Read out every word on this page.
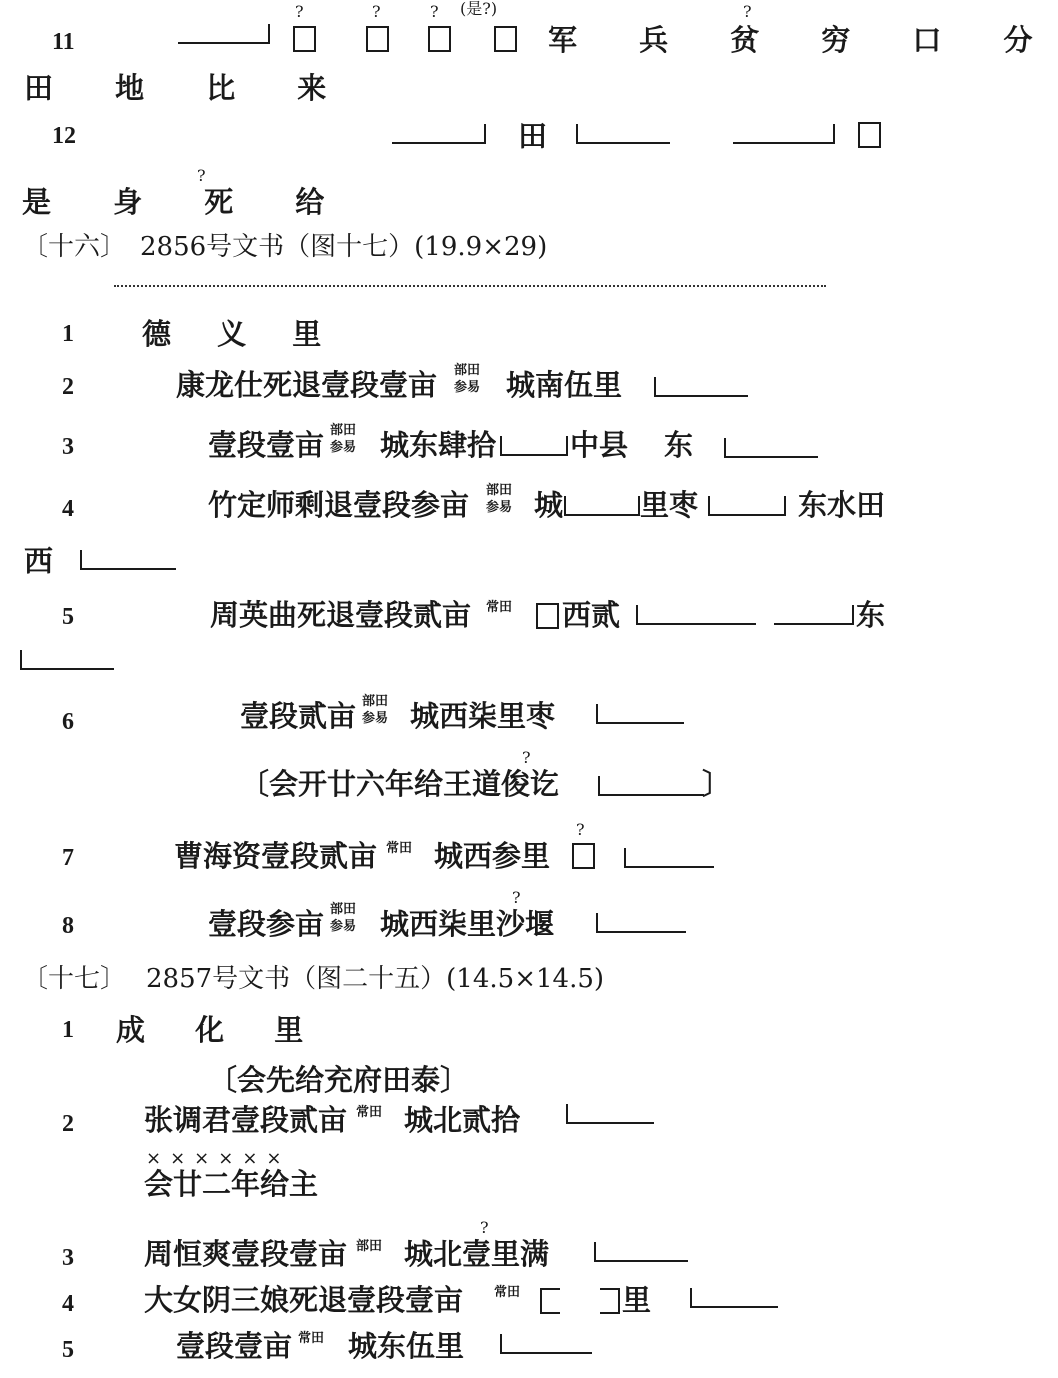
11
?	?	? (是?)	?
军 兵 贫 穷 口 分
田 地 比 来
12	田
?
是 身 死 给
〔十六〕 2856号文书（图十七）(19.9×29)
1 德 义 里
2	康龙仕死退壹段壹亩 部田
参易 城南伍里
3	壹段壹亩 部田
参易 城东肆拾	中县 东
4	竹定师剩退壹段参亩 部田
参易 城	里枣	东水田
西
5	周英曲死退壹段贰亩 常田 西贰	东
6	壹段贰亩 部田
参易 城西柒里枣
?
〔会开廿六年给王道俊讫	〕
7	曹海资壹段贰亩 常田 城西参里
?
8	壹段参亩 部田
参易
?
城西柒里沙堰
〔十七〕 2857号文书（图二十五）(14.5×14.5)
1 成 化 里
〔会先给充府田泰〕
2 张调君壹段贰亩 常田 城北贰拾
××××××
会廿二年给主
3 周恒爽壹段壹亩 部田
?
城北壹里满
4 大女阴三娘死退壹段壹亩 常田	里
5	壹段壹亩 常田 城东伍里
